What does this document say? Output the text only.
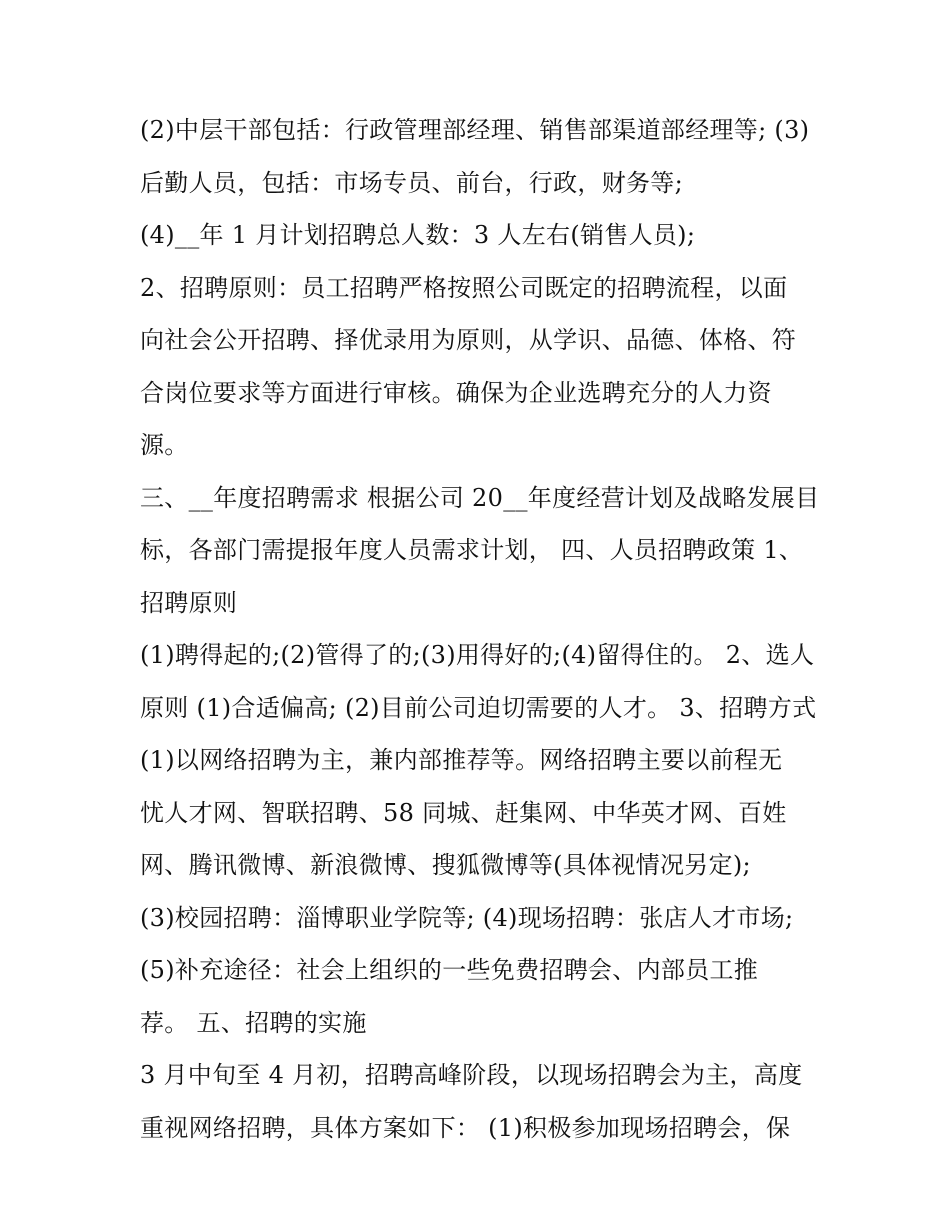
(2)中层干部包括：行政管理部经理、销售部渠道部经理等; (3)
后勤人员，包括：市场专员、前台，行政，财务等;
(4)__年 1 月计划招聘总人数：3 人左右(销售人员);
2、招聘原则：员工招聘严格按照公司既定的招聘流程，以面
向社会公开招聘、择优录用为原则，从学识、品德、体格、符
合岗位要求等方面进行审核。确保为企业选聘充分的人力资
源。
三、__年度招聘需求 根据公司 20__年度经营计划及战略发展目
标，各部门需提报年度人员需求计划， 四、人员招聘政策 1、
招聘原则
(1)聘得起的;(2)管得了的;(3)用得好的;(4)留得住的。 2、选人
原则 (1)合适偏高; (2)目前公司迫切需要的人才。 3、招聘方式
(1)以网络招聘为主，兼内部推荐等。网络招聘主要以前程无
忧人才网、智联招聘、58 同城、赶集网、中华英才网、百姓
网、腾讯微博、新浪微博、搜狐微博等(具体视情况另定);
(3)校园招聘：淄博职业学院等; (4)现场招聘：张店人才市场;
(5)补充途径：社会上组织的一些免费招聘会、内部员工推
荐。 五、招聘的实施
3 月中旬至 4 月初，招聘高峰阶段，以现场招聘会为主，高度
重视网络招聘，具体方案如下： (1)积极参加现场招聘会，保
